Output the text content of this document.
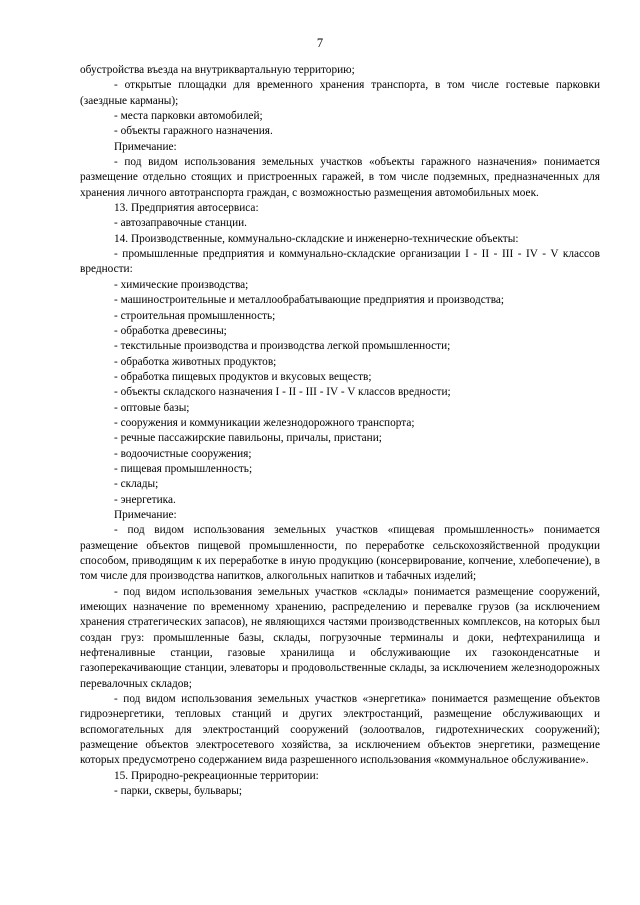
7

обустройства въезда на внутриквартальную территорию;

- открытые площадки для временного хранения транспорта, в том числе гостевые парковки (заездные карманы);

- места парковки автомобилей;

- объекты гаражного назначения.

Примечание:

- под видом использования земельных участков «объекты гаражного назначения» понимается размещение отдельно стоящих и пристроенных гаражей, в том числе подземных, предназначенных для хранения личного автотранспорта граждан, с возможностью размещения автомобильных моек.

13. Предприятия автосервиса:

- автозаправочные станции.

14. Производственные, коммунально-складские и инженерно-технические объекты:

- промышленные предприятия и коммунально-складские организации I - II - III - IV - V классов вредности:

- химические производства;

- машиностроительные и металлообрабатывающие предприятия и производства;

- строительная промышленность;

- обработка древесины;

- текстильные производства и производства легкой промышленности;

- обработка животных продуктов;

- обработка пищевых продуктов и вкусовых веществ;

- объекты складского назначения I - II - III - IV - V классов вредности;

- оптовые базы;

- сооружения и коммуникации железнодорожного транспорта;

- речные пассажирские павильоны, причалы, пристани;

- водоочистные сооружения;

- пищевая промышленность;

- склады;

- энергетика.

Примечание:

- под видом использования земельных участков «пищевая промышленность» понимается размещение объектов пищевой промышленности, по переработке сельскохозяйственной продукции способом, приводящим к их переработке в иную продукцию (консервирование, копчение, хлебопечение), в том числе для производства напитков, алкогольных напитков и табачных изделий;

- под видом использования земельных участков «склады» понимается размещение сооружений, имеющих назначение по временному хранению, распределению и перевалке грузов (за исключением хранения стратегических запасов), не являющихся частями производственных комплексов, на которых был создан груз: промышленные базы, склады, погрузочные терминалы и доки, нефтехранилища и нефтеналивные станции, газовые хранилища и обслуживающие их газоконденсатные и газоперекачивающие станции, элеваторы и продовольственные склады, за исключением железнодорожных перевалочных складов;

- под видом использования земельных участков «энергетика» понимается размещение объектов гидроэнергетики, тепловых станций и других электростанций, размещение обслуживающих и вспомогательных для электростанций сооружений (золоотвалов, гидротехнических сооружений); размещение объектов электросетевого хозяйства, за исключением объектов энергетики, размещение которых предусмотрено содержанием вида разрешенного использования «коммунальное обслуживание».

15. Природно-рекреационные территории:

- парки, скверы, бульвары;
